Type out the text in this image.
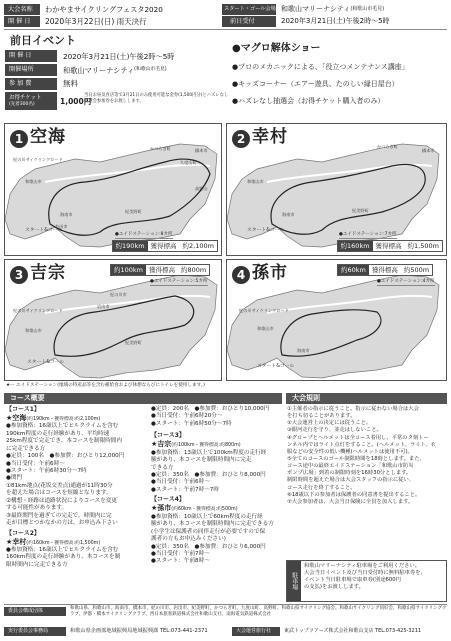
大会名称	わかやまサイクリングフェスタ2020
開 催 日	2020年3月22日(日) 雨天決行
スタート・ゴール会場 和歌山マリーナシティ (和歌山市毛見)
前日受付	2020年3月21日(土)午後2時～5時
前日イベント
開 催 日	2020年3月21日(土)午後2時～5時
開催場所	和歌山マリーナシティ (和歌山市毛見)
参 加 費	無料
お得チケット
(先着300名)	1,000円
当日お昼気食店等で3月21日のみ使用可能な金券(1,500円分)とハズレなし抽選会参加券をお渡しします。
●マグロ解体ショー
●プロのメカニックによる、「役立つメンテナンス講座」
●キッズコーナー（エアー遊具、たのしい縁日屋台）
●ハズレなし抽選会（お得チケット購入者のみ）
1 空海
紀の川サイクリングロード
和歌山市
かつらぎ町	橋本市
九度山町
高野山
紀美野町
海南市
有田市
スタート&ゴール
●エイドステーション:8カ所
約190km 獲得標高 約2,100m
2 幸村	かつらぎ町
橋本市
和歌山市
海南市
紀美野町
スタート&ゴール
●エイドステーション:7カ所
約160km 獲得標高 約1,500m
3 吉宗	約100km 獲得標高 約800m
●エイドステーション:5カ所
紀の川市
岩出市
紀の川サイクリングロード
和歌山市
紀美野町
スタート&ゴール
4 孫市	約60km 獲得標高 約500m
●エイドステーション:4カ所
紀の川サイクリングロード
和歌山市
海南市
スタート&ゴール
★ー エイドステーション(地域の特産品等を含む補給食および休憩ならびにトイレを使用します。)
コース概要
【コース1】
★空海(約190km・獲得標高:約2,100m)
●参加資格：16歳以上でヒルクライムを含む
190km程度の走行経験があり、平均時速
25km程度で完走でき、本コースを制限時間内
に完走できる方
●定員：100名　●参加費：おひとり12,000円
●当日受付：午前6時～
●スタート：午前6時30分～7時
●関門
①81km地点(花坂交差点)通過が11時30分
を超えた場合はコースを短縮となります。
②構想・経路は道路状況によりコースを変更
する可能性があります。
③最終関門を過ぎての完走で、時間内に完
走が目標とつかなかの方は、お申込み下さい
【コース2】
★幸村(約160km・獲得標高:約1,500m)
●参加資格：16歳以上でヒルクライムを含む
160km程度の走行経験があり、本コースを制
限時間内に完走できる方
●定員：200名　●参加費：おひとり10,000円
●当日受付：午前6時20分～
●スタート：午前6時50分～7時
【コース3】
★吉宗(約100km・獲得標高:約800m)
●参加資格：13歳以上で100km程度の走行経
験があり、本コースを制限時間内に完走
できる方
●定員：350名　●参加費：おひとり8,000円
●当日受付：午前6時～
●スタート：午前7時～7時
【コース4】
★孫市(約60km・獲得標高:約500m)
●参加資格：10歳以上で60km程度の走行経
験があり、本コースを制限時間内に完走できる方
(小学生は保護者の同伴走行が必要ですので保
護者の方もお申込みください)
●定員：350名　●参加費：おひとり6,000円
●当日受付：午前7時～
●スタート：午前8時～
大会規則
①主催者の指示に従うこと。指示に従わない場合は大会
を打ち切ることがあります。
②大会運営上の決定には従うこと。
③銀河走行を守り、並走はしないこと。
④グローブとヘルメットは全コース着用し、平常のタ刻トー
ンネル内ではライト点灯をすること。(ヘルメット、ライト、衣
服などの安全性の低い機種(ヘルメットは使用不可)。
⑤全てのコースのゴール制限時間を18時とします。また、
コース途中の最終エイドステーション「和歌山市防災
ポンプ広場」到着の制限時刻を16時30分とします。
制限時間を超えた場合は大会スタッフの指示に従い、
コース走行を終了すること。
⑥18歳以下の参加者は保護者の同意書を提出すること。
⑦大会参加者は、大会当日保険に全員を加入します。
駐車場
和歌山マリーナシティ駐車場をご利用ください。
大会当日イベント及び当日受付時に無料駐車券を,
イベント当日駐車場で取車券(別途600円
の支払)をお渡しします。
委員会構成団体	和歌山県、和歌山市、海南市、橋本市、紀の川市、岩出市、紀美野町、かつらぎ町、九度山町、高野町、和歌山県サイクリング協会、和歌山サイクリング同好会、和歌山県サイクリングクラブ、伊都・橋本サイクリングクラブ、西日本旅客鉄道株式会社和歌山支社、南海電気鉄道株式会社
実行委員会事務局	和歌山県企画部地域振興局地域振興課 TEL:073-441-2371	大会運営旅行社	東武トップツアーズ株式会社和歌山支店 TEL.073-425-3211
